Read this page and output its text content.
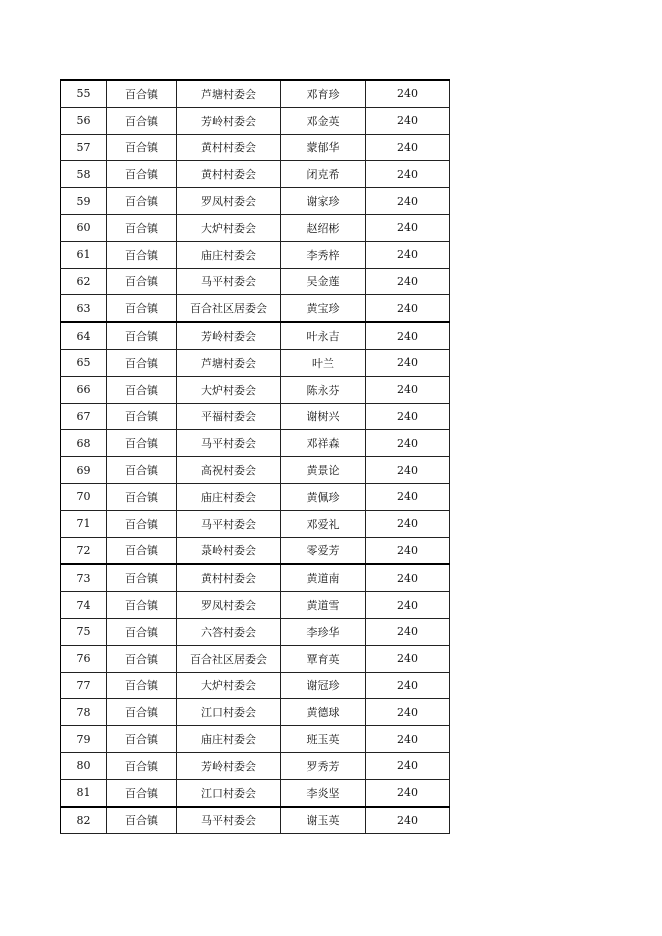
55	百合镇	芦塘村委会	邓育珍	240
56	百合镇	芳岭村委会	邓金英	240
57	百合镇	黄村村委会	蒙郁华	240
58	百合镇	黄村村委会	闭克希	240
59	百合镇	罗凤村委会	谢家珍	240
60	百合镇	大炉村委会	赵绍彬	240
61	百合镇	庙庄村委会	李秀梓	240
62	百合镇	马平村委会	吴金莲	240
63	百合镇	百合社区居委会	黄宝珍	240
64	百合镇	芳岭村委会	叶永吉	240
65	百合镇	芦塘村委会	叶兰	240
66	百合镇	大炉村委会	陈永芬	240
67	百合镇	平福村委会	谢树兴	240
68	百合镇	马平村委会	邓祥森	240
69	百合镇	高祝村委会	黄景论	240
70	百合镇	庙庄村委会	黄佩珍	240
71	百合镇	马平村委会	邓爱礼	240
72	百合镇	菉岭村委会	零爱芳	240
73	百合镇	黄村村委会	黄道南	240
74	百合镇	罗凤村委会	黄道雪	240
75	百合镇	六答村委会	李珍华	240
76	百合镇	百合社区居委会	覃育英	240
77	百合镇	大炉村委会	谢冠珍	240
78	百合镇	江口村委会	黄德球	240
79	百合镇	庙庄村委会	班玉英	240
80	百合镇	芳岭村委会	罗秀芳	240
81	百合镇	江口村委会	李炎坚	240
82	百合镇	马平村委会	谢玉英	240
